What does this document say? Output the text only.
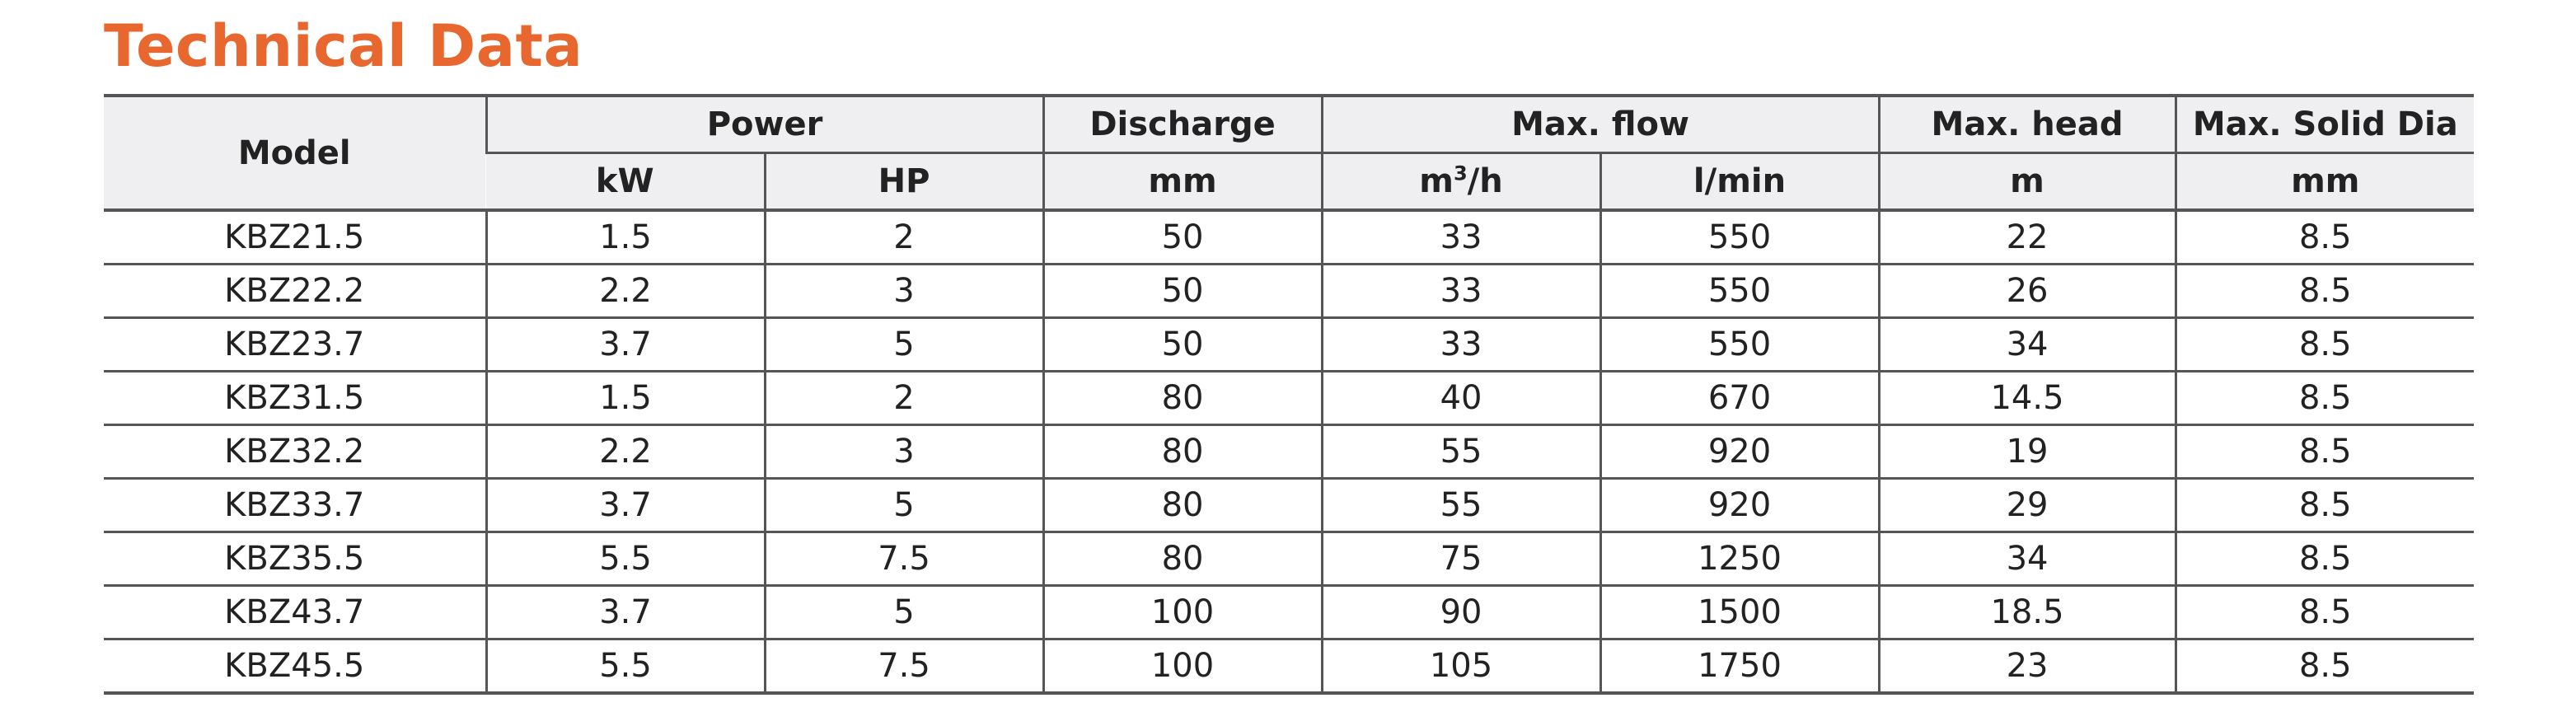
Technical Data
Model	Power		Discharge	Max. flow		Max. head	Max. Solid Dia
	kW	HP	mm	$m^3/h$	l/min	m	mm
KBZ21.5	1.5	2	50	33	550	22	8.5
KBZ22.2	2.2	3	50	33	550	26	8.5
KBZ23.7	3.7	5	50	33	550	34	8.5
KBZ31.5	1.5	2	80	40	670	14.5	8.5
KBZ32.2	2.2	3	80	55	920	19	8.5
KBZ33.7	3.7	5	80	55	920	29	8.5
KBZ35.5	5.5	7.5	80	75	1250	34	8.5
KBZ43.7	3.7	5	100	90	1500	18.5	8.5
KBZ45.5	5.5	7.5	100	105	1750	23	8.5
